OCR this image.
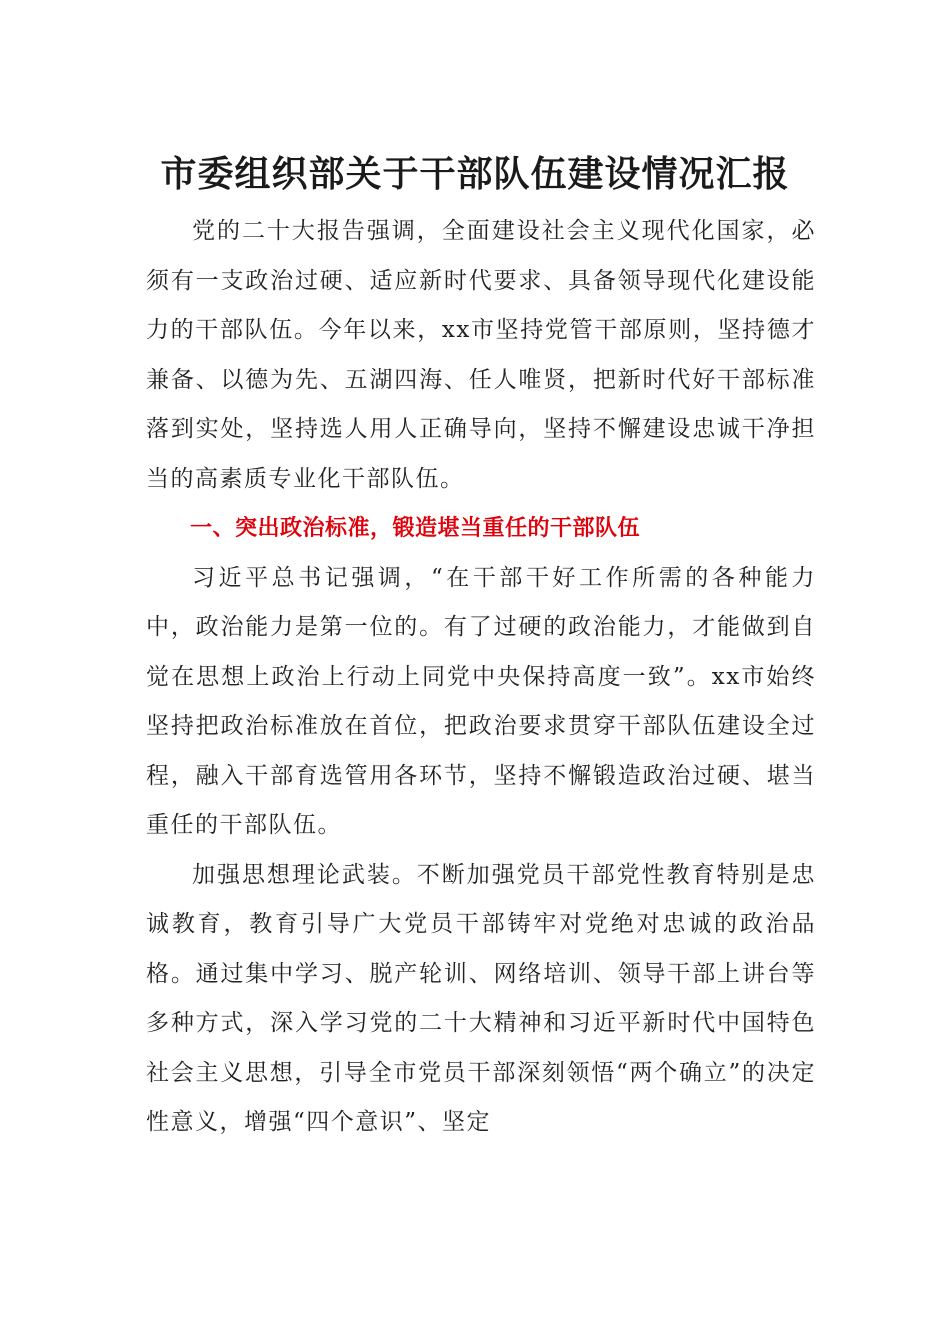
市委组织部关于干部队伍建设情况汇报

党的二十大报告强调，全面建设社会主义现代化国家，必须有一支政治过硬、适应新时代要求、具备领导现代化建设能力的干部队伍。今年以来，xx市坚持党管干部原则，坚持德才兼备、以德为先、五湖四海、任人唯贤，把新时代好干部标准落到实处，坚持选人用人正确导向，坚持不懈建设忠诚干净担当的高素质专业化干部队伍。

一、突出政治标准，锻造堪当重任的干部队伍

习近平总书记强调，“在干部干好工作所需的各种能力中，政治能力是第一位的。有了过硬的政治能力，才能做到自觉在思想上政治上行动上同党中央保持高度一致”。xx市始终坚持把政治标准放在首位，把政治要求贯穿干部队伍建设全过程，融入干部育选管用各环节，坚持不懈锻造政治过硬、堪当重任的干部队伍。

加强思想理论武装。不断加强党员干部党性教育特别是忠诚教育，教育引导广大党员干部铸牢对党绝对忠诚的政治品格。通过集中学习、脱产轮训、网络培训、领导干部上讲台等多种方式，深入学习党的二十大精神和习近平新时代中国特色社会主义思想，引导全市党员干部深刻领悟“两个确立”的决定性意义，增强“四个意识”、坚定
